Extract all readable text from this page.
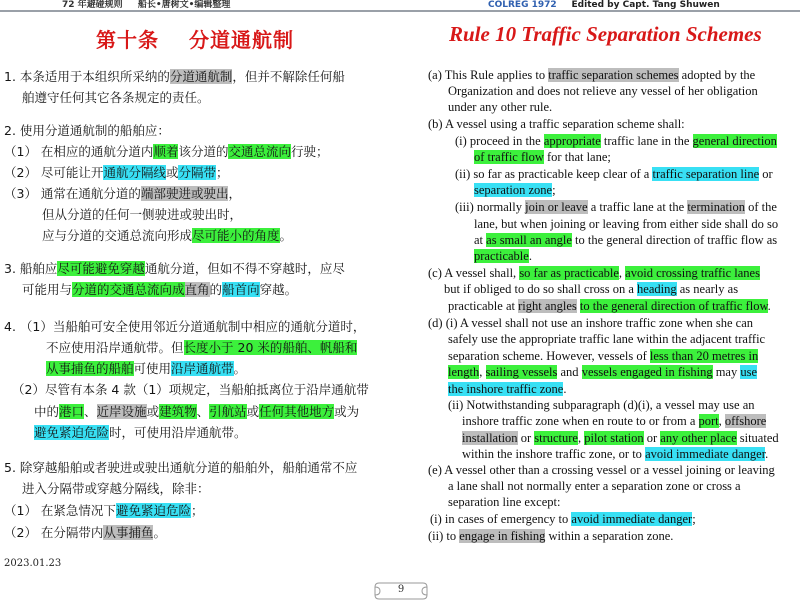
72 年避碰规则 船长•唐树文•编辑整理	COLREG 1972 Edited by Capt. Tang Shuwen
第十条 分道通航制	Rule 10 Traffic Separation Schemes
1. 本条适用于本组织所采纳的分道通航制，但并不解除任何船
舶遵守任何其它各条规定的责任。
2. 使用分道通航制的船舶应：
（1） 在相应的通航分道内顺着该分道的交通总流向行驶；
（2） 尽可能让开通航分隔线或分隔带；
（3） 通常在通航分道的端部驶进或驶出，
但从分道的任何一侧驶进或驶出时，
应与分道的交通总流向形成尽可能小的角度。
3. 船舶应尽可能避免穿越通航分道，但如不得不穿越时，应尽
可能用与分道的交通总流向成直角的船首向穿越。
4. （1）当船舶可安全使用邻近分道通航制中相应的通航分道时，
不应使用沿岸通航带。但长度小于 20 米的船舶、帆船和
从事捕鱼的船舶可使用沿岸通航带。
（2）尽管有本条 4 款（1）项规定，当船舶抵离位于沿岸通航带
中的港口、近岸设施或建筑物、引航站或任何其他地方或为
避免紧迫危险时，可使用沿岸通航带。
5. 除穿越船舶或者驶进或驶出通航分道的船舶外，船舶通常不应
进入分隔带或穿越分隔线，除非：
（1） 在紧急情况下避免紧迫危险；
（2） 在分隔带内从事捕鱼。
(a) This Rule applies to traffic separation schemes adopted by the
Organization and does not relieve any vessel of her obligation
under any other rule.
(b) A vessel using a traffic separation scheme shall:
(i) proceed in the appropriate traffic lane in the general direction
of traffic flow for that lane;
(ii) so far as practicable keep clear of a traffic separation line or
separation zone;
(iii) normally join or leave a traffic lane at the termination of the
lane, but when joining or leaving from either side shall do so
at as small an angle to the general direction of traffic flow as
practicable.
(c) A vessel shall, so far as practicable, avoid crossing traffic lanes
but if obliged to do so shall cross on a heading as nearly as
practicable at right angles to the general direction of traffic flow.
(d) (i) A vessel shall not use an inshore traffic zone when she can
safely use the appropriate traffic lane within the adjacent traffic
separation scheme. However, vessels of less than 20 metres in
length, sailing vessels and vessels engaged in fishing may use
the inshore traffic zone.
(ii) Notwithstanding subparagraph (d)(i), a vessel may use an
inshore traffic zone when en route to or from a port, offshore
installation or structure, pilot station or any other place situated
within the inshore traffic zone, or to avoid immediate danger.
(e) A vessel other than a crossing vessel or a vessel joining or leaving
a lane shall not normally enter a separation zone or cross a
separation line except:
(i) in cases of emergency to avoid immediate danger;
(ii) to engage in fishing within a separation zone.
2023.01.23
9
